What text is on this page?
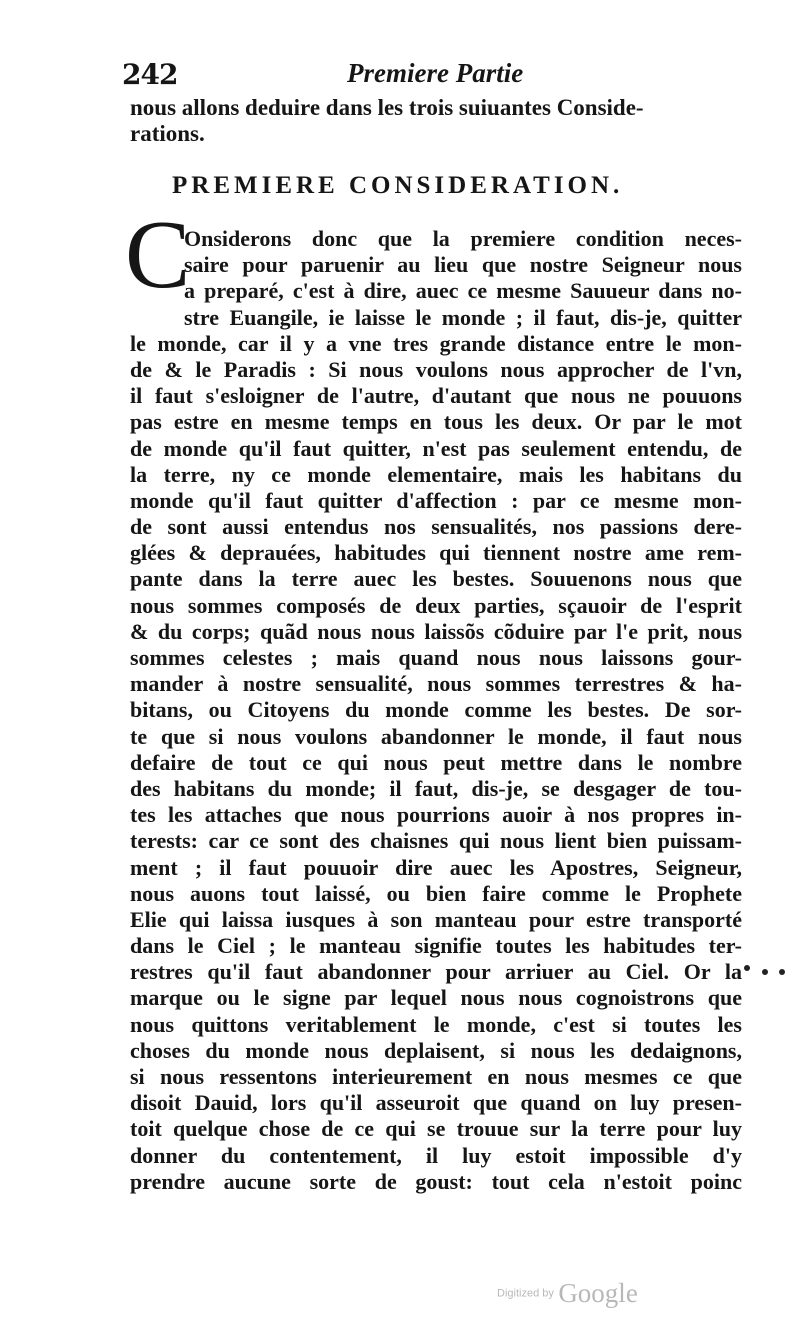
242	Premiere Partie
nous allons deduire dans les trois suiuantes Conside-
rations.
PREMIERE CONSIDERATION.
C
Onsiderons donc que la premiere condition neces-
saire pour paruenir au lieu que nostre Seigneur nous
a preparé, c'est à dire, auec ce mesme Sauueur dans no-
stre Euangile, ie laisse le monde ; il faut, dis-je, quitter
le monde, car il y a vne tres grande distance entre le mon-
de & le Paradis : Si nous voulons nous approcher de l'vn,
il faut s'esloigner de l'autre, d'autant que nous ne pouuons
pas estre en mesme temps en tous les deux. Or par le mot
de monde qu'il faut quitter, n'est pas seulement entendu, de
la terre, ny ce monde elementaire, mais les habitans du
monde qu'il faut quitter d'affection : par ce mesme mon-
de sont aussi entendus nos sensualités, nos passions dere-
glées & deprauées, habitudes qui tiennent nostre ame rem-
pante dans la terre auec les bestes. Souuenons nous que
nous sommes composés de deux parties, sçauoir de l'esprit
& du corps; quãd nous nous laissõs cõduire par l'e prit, nous
sommes celestes ; mais quand nous nous laissons gour-
mander à nostre sensualité, nous sommes terrestres & ha-
bitans, ou Citoyens du monde comme les bestes. De sor-
te que si nous voulons abandonner le monde, il faut nous
defaire de tout ce qui nous peut mettre dans le nombre
des habitans du monde; il faut, dis-je, se desgager de tou-
tes les attaches que nous pourrions auoir à nos propres in-
terests: car ce sont des chaisnes qui nous lient bien puissam-
ment ; il faut pouuoir dire auec les Apostres, Seigneur,
nous auons tout laissé, ou bien faire comme le Prophete
Elie qui laissa iusques à son manteau pour estre transporté
dans le Ciel ; le manteau signifie toutes les habitudes ter-
restres qu'il faut abandonner pour arriuer au Ciel. Or la
marque ou le signe par lequel nous nous cognoistrons que
nous quittons veritablement le monde, c'est si toutes les
choses du monde nous deplaisent, si nous les dedaignons,
si nous ressentons interieurement en nous mesmes ce que
disoit Dauid, lors qu'il asseuroit que quand on luy presen-
toit quelque chose de ce qui se trouue sur la terre pour luy
donner du contentement, il luy estoit impossible d'y
prendre aucune sorte de goust: tout cela n'estoit poinc
Digitized by Google
